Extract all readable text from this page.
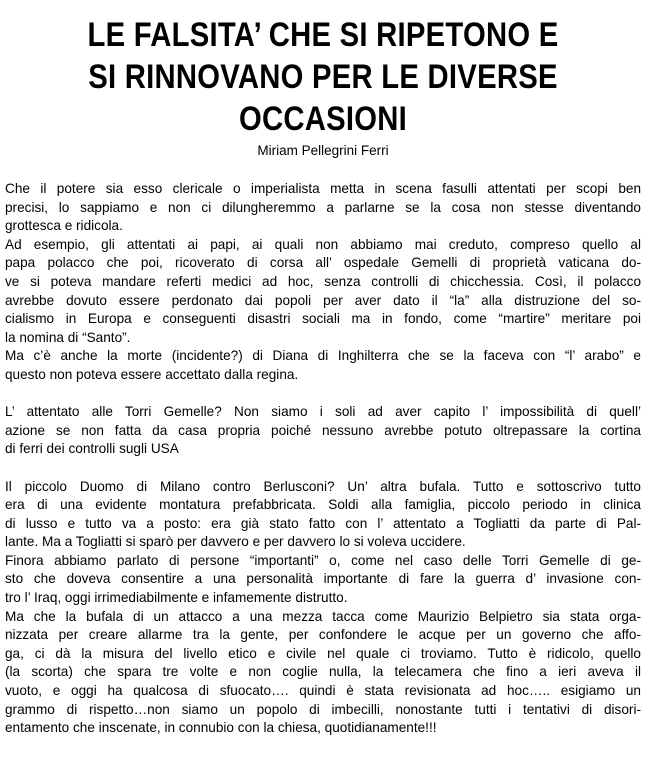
LE FALSITA’ CHE SI RIPETONO E
SI RINNOVANO PER LE DIVERSE
OCCASIONI
Miriam Pellegrini Ferri
Che il potere sia esso clericale o imperialista metta in scena fasulli attentati per scopi ben
precisi, lo sappiamo e non ci dilungheremmo a parlarne se la cosa non stesse diventando
grottesca e ridicola.
Ad esempio, gli attentati ai papi, ai quali non abbiamo mai creduto, compreso quello al
papa polacco che poi, ricoverato di corsa all’ ospedale Gemelli di proprietà vaticana do-
ve si poteva mandare referti medici ad hoc, senza controlli di chicchessia. Così, il polacco
avrebbe dovuto essere perdonato dai popoli per aver dato il “la” alla distruzione del so-
cialismo in Europa e conseguenti disastri sociali ma in fondo, come “martire” meritare poi
la nomina di “Santo”.
Ma c’è anche la morte (incidente?) di Diana di Inghilterra che se la faceva con “l’ arabo” e
questo non poteva essere accettato dalla regina.
L’ attentato alle Torri Gemelle? Non siamo i soli ad aver capito l’ impossibilità di quell’
azione se non fatta da casa propria poiché nessuno avrebbe potuto oltrepassare la cortina
di ferri dei controlli sugli USA
Il piccolo Duomo di Milano contro Berlusconi? Un’ altra bufala. Tutto e sottoscrivo tutto
era di una evidente montatura prefabbricata. Soldi alla famiglia, piccolo periodo in clinica
di lusso e tutto va a posto: era già stato fatto con l’ attentato a Togliatti da parte di Pal-
lante. Ma a Togliatti si sparò per davvero e per davvero lo si voleva uccidere.
Finora abbiamo parlato di persone “importanti” o, come nel caso delle Torri Gemelle di ge-
sto che doveva consentire a una personalità importante di fare la guerra d’ invasione con-
tro l’ Iraq, oggi irrimediabilmente e infamemente distrutto.
Ma che la bufala di un attacco a una mezza tacca come Maurizio Belpietro sia stata orga-
nizzata per creare allarme tra la gente, per confondere le acque per un governo che affo-
ga, ci dà la misura del livello etico e civile nel quale ci troviamo. Tutto è ridicolo, quello
(la scorta) che spara tre volte e non coglie nulla, la telecamera che fino a ieri aveva il
vuoto, e oggi ha qualcosa di sfuocato…. quindi è stata revisionata ad hoc….. esigiamo un
grammo di rispetto…non siamo un popolo di imbecilli, nonostante tutti i tentativi di disori-
entamento che inscenate, in connubio con la chiesa, quotidianamente!!!
